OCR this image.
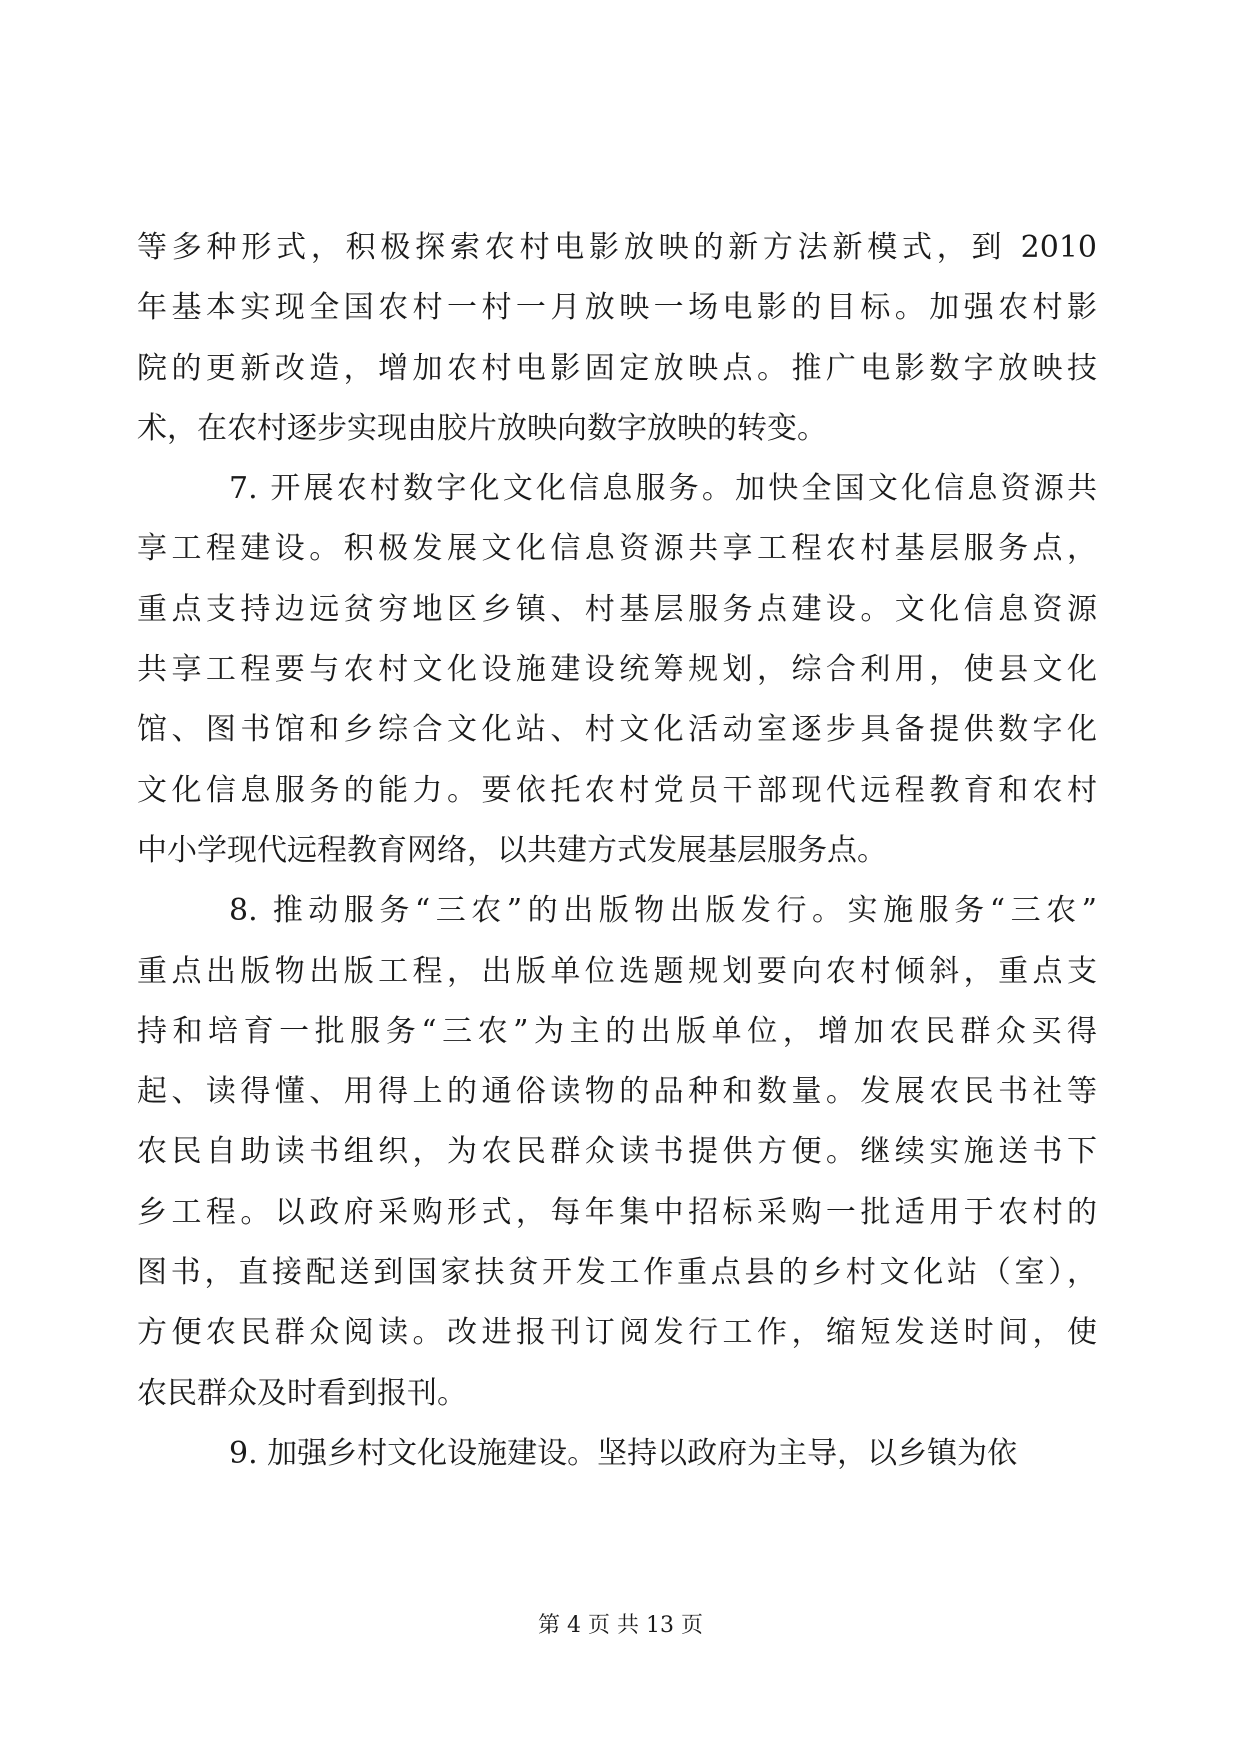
等多种形式，积极探索农村电影放映的新方法新模式，到 2010
年基本实现全国农村一村一月放映一场电影的目标。加强农村影
院的更新改造，增加农村电影固定放映点。推广电影数字放映技
术，在农村逐步实现由胶片放映向数字放映的转变。
7. 开展农村数字化文化信息服务。加快全国文化信息资源共
享工程建设。积极发展文化信息资源共享工程农村基层服务点，
重点支持边远贫穷地区乡镇、村基层服务点建设。文化信息资源
共享工程要与农村文化设施建设统筹规划，综合利用，使县文化
馆、图书馆和乡综合文化站、村文化活动室逐步具备提供数字化
文化信息服务的能力。要依托农村党员干部现代远程教育和农村
中小学现代远程教育网络，以共建方式发展基层服务点。
8. 推动服务“三农”的出版物出版发行。实施服务“三农”
重点出版物出版工程，出版单位选题规划要向农村倾斜，重点支
持和培育一批服务“三农”为主的出版单位，增加农民群众买得
起、读得懂、用得上的通俗读物的品种和数量。发展农民书社等
农民自助读书组织，为农民群众读书提供方便。继续实施送书下
乡工程。以政府采购形式，每年集中招标采购一批适用于农村的
图书，直接配送到国家扶贫开发工作重点县的乡村文化站（室），
方便农民群众阅读。改进报刊订阅发行工作，缩短发送时间，使
农民群众及时看到报刊。
9. 加强乡村文化设施建设。坚持以政府为主导，以乡镇为依
第 4 页 共 13 页
